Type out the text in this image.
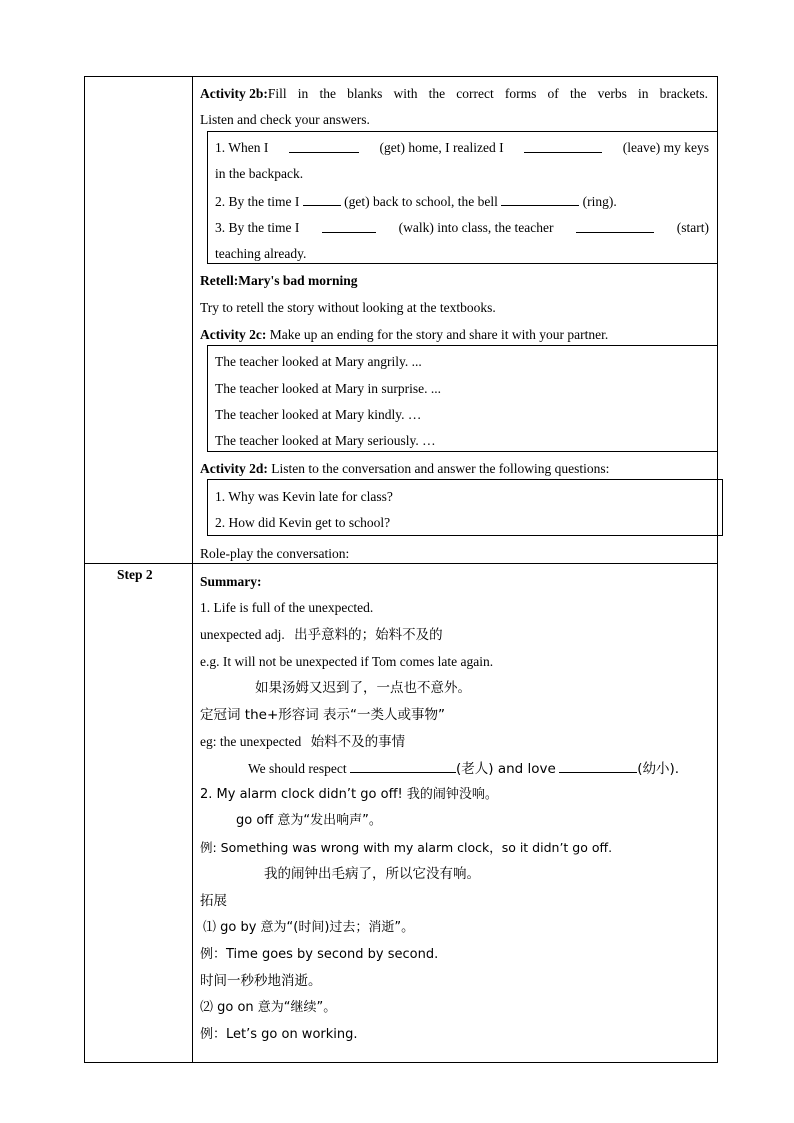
Step 2
Activity 2b: Fill in the blanks with the correct forms of the verbs in brackets.
Listen and check your answers.
1. When I	(get) home, I realized I	(leave) my keys
in the backpack.
2. By the time I	(get) back to school, the bell	(ring).
3. By the time I	(walk) into class, the teacher	(start)
teaching already.
Retell:Mary's bad morning
Try to retell the story without looking at the textbooks.
Activity 2c: Make up an ending for the story and share it with your partner.
The teacher looked at Mary angrily. ...
The teacher looked at Mary in surprise. ...
The teacher looked at Mary kindly. …
The teacher looked at Mary seriously. …
Activity 2d: Listen to the conversation and answer the following questions:
1. Why was Kevin late for class?
2. How did Kevin get to school?
Role-play the conversation:
Summary:
1. Life is full of the unexpected.
unexpected adj. 出乎意料的；始料不及的
e.g. It will not be unexpected if Tom comes late again.
如果汤姆又迟到了，一点也不意外。
定冠词 the+形容词 表示“一类人或事物”
eg: the unexpected 始料不及的事情
We should respect	(老人) and love	(幼小).
2. My alarm clock didn’t go off! 我的闹钟没响。
go off 意为“发出响声”。
例: Something was wrong with my alarm clock，so it didn’t go off.
我的闹钟出毛病了，所以它没有响。
拓展
⑴ go by 意为“(时间)过去；消逝”。
例：Time goes by second by second.
时间一秒秒地消逝。
⑵ go on 意为“继续”。
例：Let’s go on working.
